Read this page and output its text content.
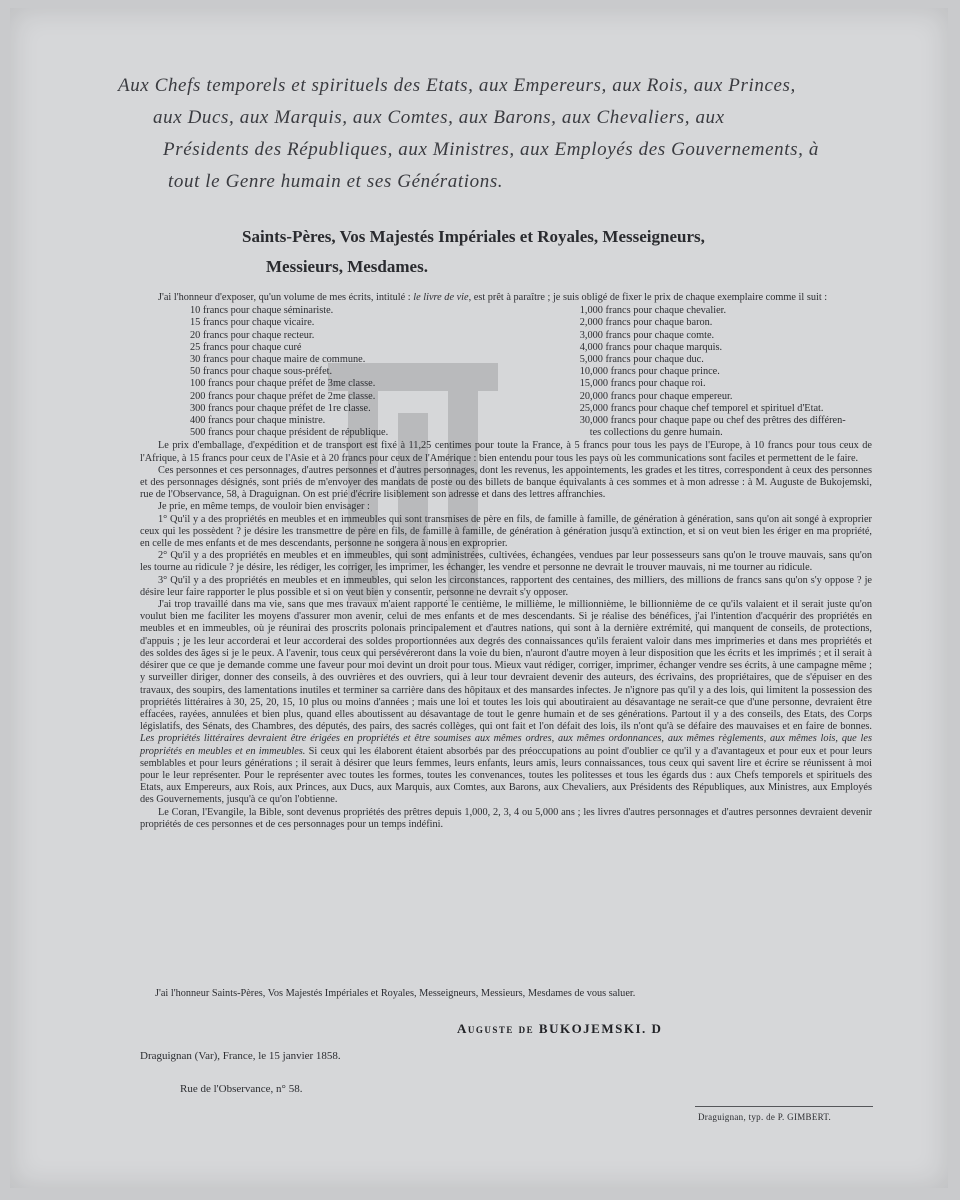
Aux Chefs temporels et spirituels des Etats, aux Empereurs, aux Rois, aux Princes,
aux Ducs, aux Marquis, aux Comtes, aux Barons, aux Chevaliers, aux
Présidents des Républiques, aux Ministres, aux Employés des Gouvernements, à
tout le Genre humain et ses Générations.
Saints-Pères, Vos Majestés Impériales et Royales, Messeigneurs,
Messieurs, Mesdames.

J'ai l'honneur d'exposer, qu'un volume de mes écrits, intitulé : le livre de vie, est prêt à paraître ; je suis obligé de fixer le prix de chaque exemplaire comme il suit :

10 francs pour chaque séminariste.
15 francs pour chaque vicaire.
20 francs pour chaque recteur.
25 francs pour chaque curé
30 francs pour chaque maire de commune.
50 francs pour chaque sous-préfet.
100 francs pour chaque préfet de 3me classe.
200 francs pour chaque préfet de 2me classe.
300 francs pour chaque préfet de 1re classe.
400 francs pour chaque ministre.
500 francs pour chaque président de république.
1,000 francs pour chaque chevalier.
2,000 francs pour chaque baron.
3,000 francs pour chaque comte.
4,000 francs pour chaque marquis.
5,000 francs pour chaque duc.
10,000 francs pour chaque prince.
15,000 francs pour chaque roi.
20,000 francs pour chaque empereur.
25,000 francs pour chaque chef temporel et spirituel d'Etat.
30,000 francs pour chaque pape ou chef des prêtres des différen-
tes collections du genre humain.

Le prix d'emballage, d'expédition et de transport est fixé à 11,25 centimes pour toute la France, à 5 francs pour tous les pays de l'Europe, à 10 francs pour tous ceux de l'Afrique, à 15 francs pour ceux de l'Asie et à 20 francs pour ceux de l'Amérique : bien entendu pour tous les pays où les communications sont faciles et permettent de le faire.

Ces personnes et ces personnages, d'autres personnes et d'autres personnages, dont les revenus, les appointements, les grades et les titres, correspondent à ceux des personnes et des personnages désignés, sont priés de m'envoyer des mandats de poste ou des billets de banque équivalants à ces sommes et à mon adresse : à M. Auguste de Bukojemski, rue de l'Observance, 58, à Draguignan. On est prié d'écrire lisiblement son adresse et dans des lettres affranchies.

Je prie, en même temps, de vouloir bien envisager :

1° Qu'il y a des propriétés en meubles et en immeubles qui sont transmises de père en fils, de famille à famille, de génération à génération, sans qu'on ait songé à exproprier ceux qui les possèdent ? je désire les transmettre de père en fils, de famille à famille, de génération à génération jusqu'à extinction, et si on veut bien les ériger en ma propriété, en celle de mes enfants et de mes descendants, personne ne songera à nous en exproprier.

2° Qu'il y a des propriétés en meubles et en immeubles, qui sont administrées, cultivées, échangées, vendues par leur possesseurs sans qu'on le trouve mauvais, sans qu'on les tourne au ridicule ? je désire, les rédiger, les corriger, les imprimer, les échanger, les vendre et personne ne devrait le trouver mauvais, ni me tourner au ridicule.

3° Qu'il y a des propriétés en meubles et en immeubles, qui selon les circonstances, rapportent des centaines, des milliers, des millions de francs sans qu'on s'y oppose ? je désire leur faire rapporter le plus possible et si on veut bien y consentir, personne ne devrait s'y opposer.

J'ai trop travaillé dans ma vie, sans que mes travaux m'aient rapporté le centième, le millième, le millionnième, le billionnième de ce qu'ils valaient et il serait juste qu'on voulut bien me faciliter les moyens d'assurer mon avenir, celui de mes enfants et de mes descendants. Si je réalise des bénéfices, j'ai l'intention d'acquérir des propriétés en meubles et en immeubles, où je réunirai des proscrits polonais principalement et d'autres nations, qui sont à la dernière extrémité, qui manquent de conseils, de protections, d'appuis ; je les leur accorderai et leur accorderai des soldes proportionnées aux degrés des connaissances qu'ils feraient valoir dans mes imprimeries et dans mes propriétés et des soldes des âges si je le peux. A l'avenir, tous ceux qui persévéreront dans la voie du bien, n'auront d'autre moyen à leur disposition que les écrits et les imprimés ; et il serait à désirer que ce que je demande comme une faveur pour moi devint un droit pour tous. Mieux vaut rédiger, corriger, imprimer, échanger vendre ses écrits, à une campagne même ; y surveiller diriger, donner des conseils, à des ouvrières et des ouvriers, qui à leur tour devraient devenir des auteurs, des écrivains, des propriétaires, que de s'épuiser en des travaux, des soupirs, des lamentations inutiles et terminer sa carrière dans des hôpitaux et des mansardes infectes. Je n'ignore pas qu'il y a des lois, qui limitent la possession des propriétés littéraires à 30, 25, 20, 15, 10 plus ou moins d'années ; mais une loi et toutes les lois qui aboutiraient au désavantage ne serait-ce que d'une personne, devraient être effacées, rayées, annulées et bien plus, quand elles aboutissent au désavantage de tout le genre humain et de ses générations. Partout il y a des conseils, des Etats, des Corps législatifs, des Sénats, des Chambres, des députés, des pairs, des sacrés collèges, qui ont fait et l'on défait des lois, ils n'ont qu'à se défaire des mauvaises et en faire de bonnes. Les propriétés littéraires devraient être érigées en propriétés et être soumises aux mêmes ordres, aux mêmes ordonnances, aux mêmes règlements, aux mêmes lois, que les propriétés en meubles et en immeubles. Si ceux qui les élaborent étaient absorbés par des préoccupations au point d'oublier ce qu'il y a d'avantageux et pour eux et pour leurs semblables et pour leurs générations ; il serait à désirer que leurs femmes, leurs enfants, leurs amis, leurs connaissances, tous ceux qui savent lire et écrire se réunissent à moi pour le leur représenter. Pour le représenter avec toutes les formes, toutes les convenances, toutes les politesses et tous les égards dus : aux Chefs temporels et spirituels des Etats, aux Empereurs, aux Rois, aux Princes, aux Ducs, aux Marquis, aux Comtes, aux Barons, aux Chevaliers, aux Présidents des Républiques, aux Ministres, aux Employés des Gouvernements, jusqu'à ce qu'on l'obtienne.

Le Coran, l'Evangile, la Bible, sont devenus propriétés des prêtres depuis 1,000, 2, 3, 4 ou 5,000 ans ; les livres d'autres personnages et d'autres personnes devraient devenir propriétés de ces personnes et de ces personnages pour un temps indéfini.

J'ai l'honneur Saints-Pères, Vos Majestés Impériales et Royales, Messeigneurs, Messieurs, Mesdames de vous saluer.
Auguste de BUKOJEMSKI. D
Draguignan (Var), France, le 15 janvier 1858.
Rue de l'Observance, n° 58.
Draguignan, typ. de P. GIMBERT.
